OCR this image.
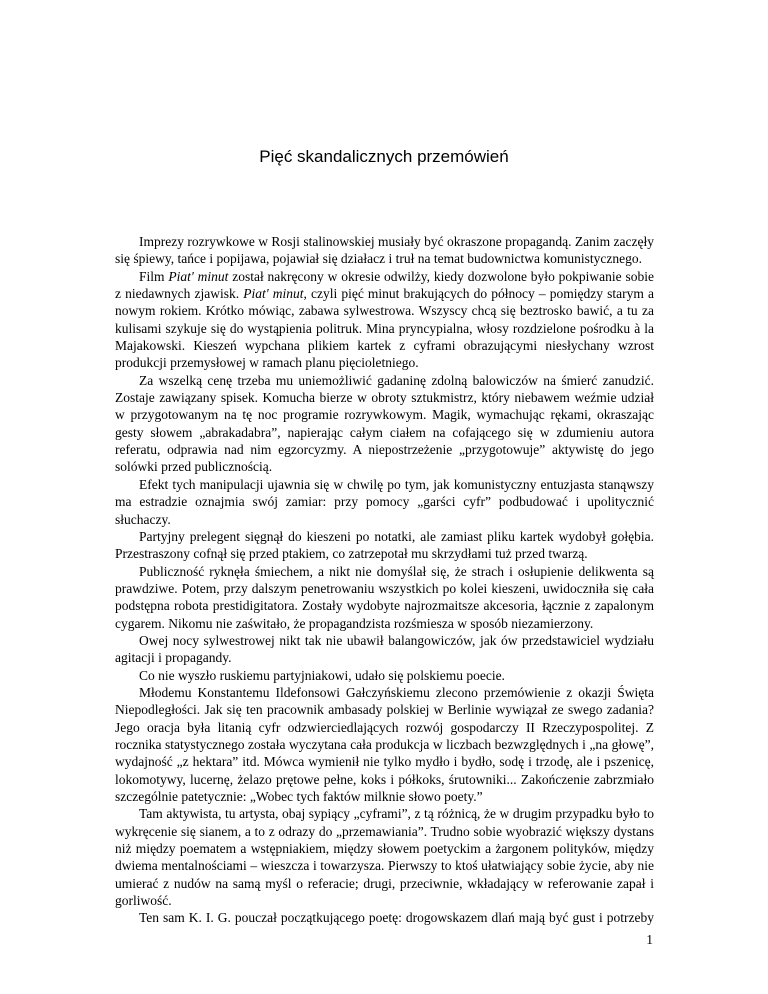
Pięć skandalicznych przemówień

Imprezy rozrywkowe w Rosji stalinowskiej musiały być okraszone propagandą. Zanim zaczęły się śpiewy, tańce i popijawa, pojawiał się działacz i truł na temat budownictwa komunistycznego.

Film Piat' minut został nakręcony w okresie odwilży, kiedy dozwolone było pokpiwanie sobie z niedawnych zjawisk. Piat' minut, czyli pięć minut brakujących do północy – pomiędzy starym a nowym rokiem. Krótko mówiąc, zabawa sylwestrowa. Wszyscy chcą się beztrosko bawić, a tu za kulisami szykuje się do wystąpienia politruk. Mina pryncypialna, włosy rozdzielone pośrodku à la Majakowski. Kieszeń wypchana plikiem kartek z cyframi obrazującymi niesłychany wzrost produkcji przemysłowej w ramach planu pięcioletniego.

Za wszelką cenę trzeba mu uniemożliwić gadaninę zdolną balowiczów na śmierć zanudzić. Zostaje zawiązany spisek. Komucha bierze w obroty sztukmistrz, który niebawem weźmie udział w przygotowanym na tę noc programie rozrywkowym. Magik, wymachując rękami, okraszając gesty słowem „abrakadabra”, napierając całym ciałem na cofającego się w zdumieniu autora referatu, odprawia nad nim egzorcyzmy. A niepostrzeżenie „przygotowuje” aktywistę do jego solówki przed publicznością.

Efekt tych manipulacji ujawnia się w chwilę po tym, jak komunistyczny entuzjasta stanąwszy ma estradzie oznajmia swój zamiar: przy pomocy „garści cyfr” podbudować i upolitycznić słuchaczy.

Partyjny prelegent sięgnął do kieszeni po notatki, ale zamiast pliku kartek wydobył gołębia. Przestraszony cofnął się przed ptakiem, co zatrzepotał mu skrzydłami tuż przed twarzą.

Publiczność ryknęła śmiechem, a nikt nie domyślał się, że strach i osłupienie delikwenta są prawdziwe. Potem, przy dalszym penetrowaniu wszystkich po kolei kieszeni, uwidoczniła się cała podstępna robota prestidigitatora. Zostały wydobyte najrozmaitsze akcesoria, łącznie z zapalonym cygarem. Nikomu nie zaświtało, że propagandzista rozśmiesza w sposób niezamierzony.

Owej nocy sylwestrowej nikt tak nie ubawił balangowiczów, jak ów przedstawiciel wydziału agitacji i propagandy.

Co nie wyszło ruskiemu partyjniakowi, udało się polskiemu poecie.

Młodemu Konstantemu Ildefonsowi Gałczyńskiemu zlecono przemówienie z okazji Święta Niepodległości. Jak się ten pracownik ambasady polskiej w Berlinie wywiązał ze swego zadania? Jego oracja była litanią cyfr odzwierciedlających rozwój gospodarczy II Rzeczypospolitej. Z rocznika statystycznego została wyczytana cała produkcja w liczbach bezwzględnych i „na głowę”, wydajność „z hektara” itd. Mówca wymienił nie tylko mydło i bydło, sodę i trzodę, ale i pszenicę, lokomotywy, lucernę, żelazo prętowe pełne, koks i półkoks, śrutowniki... Zakończenie zabrzmiało szczególnie patetycznie: „Wobec tych faktów milknie słowo poety.”

Tam aktywista, tu artysta, obaj sypiący „cyframi”, z tą różnicą, że w drugim przypadku było to wykręcenie się sianem, a to z odrazy do „przemawiania”. Trudno sobie wyobrazić większy dystans niż między poematem a wstępniakiem, między słowem poetyckim a żargonem polityków, między dwiema mentalnościami – wieszcza i towarzysza. Pierwszy to ktoś ułatwiający sobie życie, aby nie umierać z nudów na samą myśl o referacie; drugi, przeciwnie, wkładający w referowanie zapał i gorliwość.

Ten sam K. I. G. pouczał początkującego poetę: drogowskazem dlań mają być gust i potrzeby

1
